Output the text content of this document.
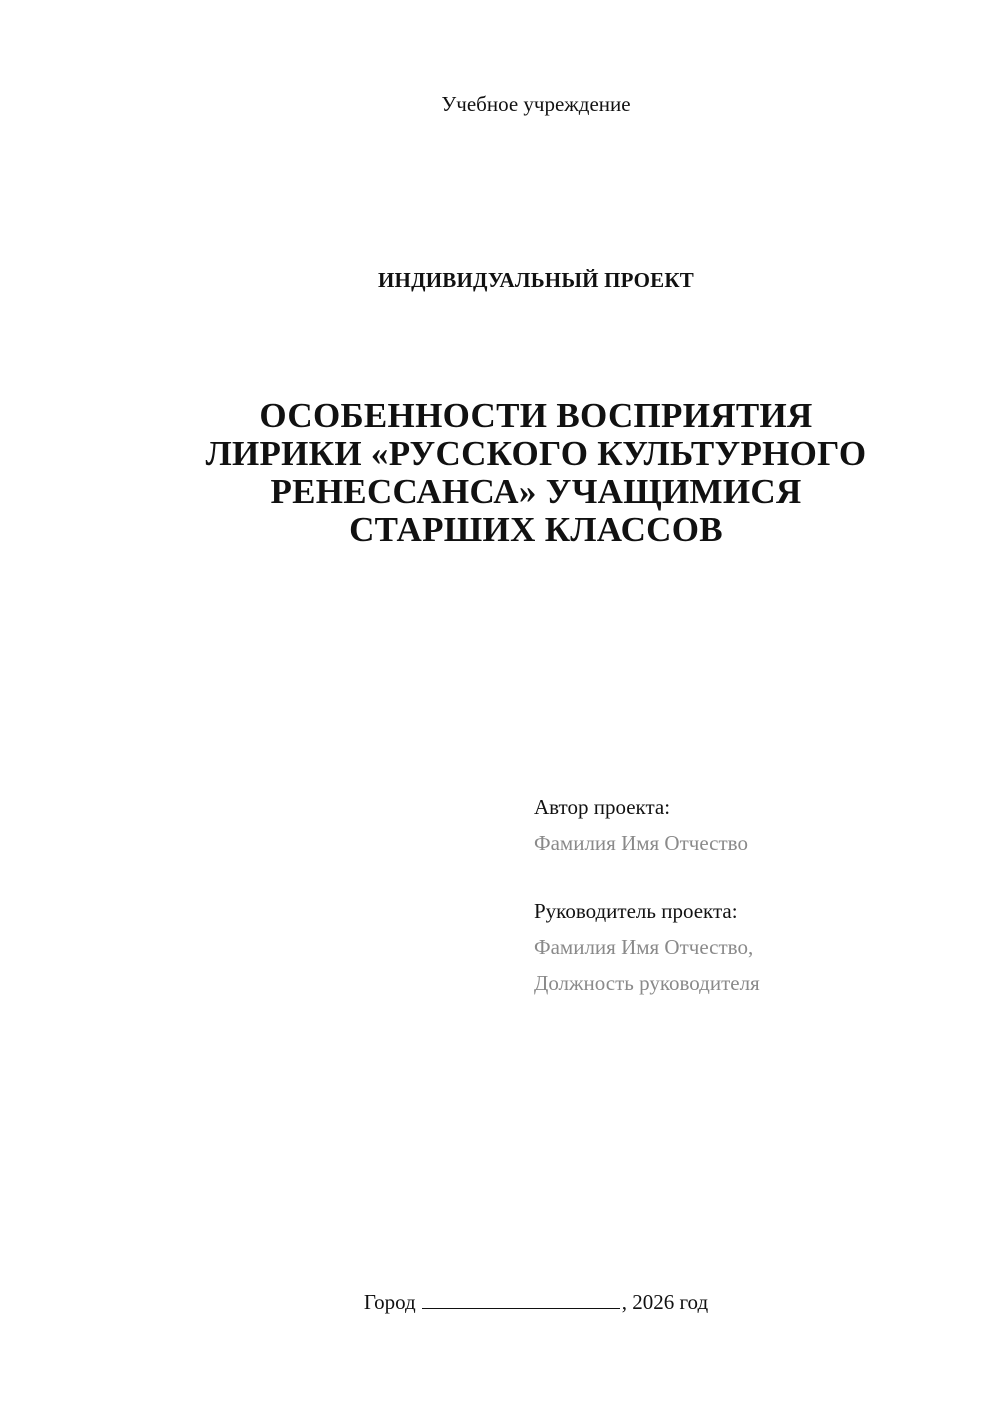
Учебное учреждение
ИНДИВИДУАЛЬНЫЙ ПРОЕКТ
ОСОБЕННОСТИ ВОСПРИЯТИЯ
ЛИРИКИ «РУССКОГО КУЛЬТУРНОГО
РЕНЕССАНСА» УЧАЩИМИСЯ
СТАРШИХ КЛАССОВ
Автор проекта:
Фамилия Имя Отчество
Руководитель проекта:
Фамилия Имя Отчество,
Должность руководителя
Город	, 2026 год
